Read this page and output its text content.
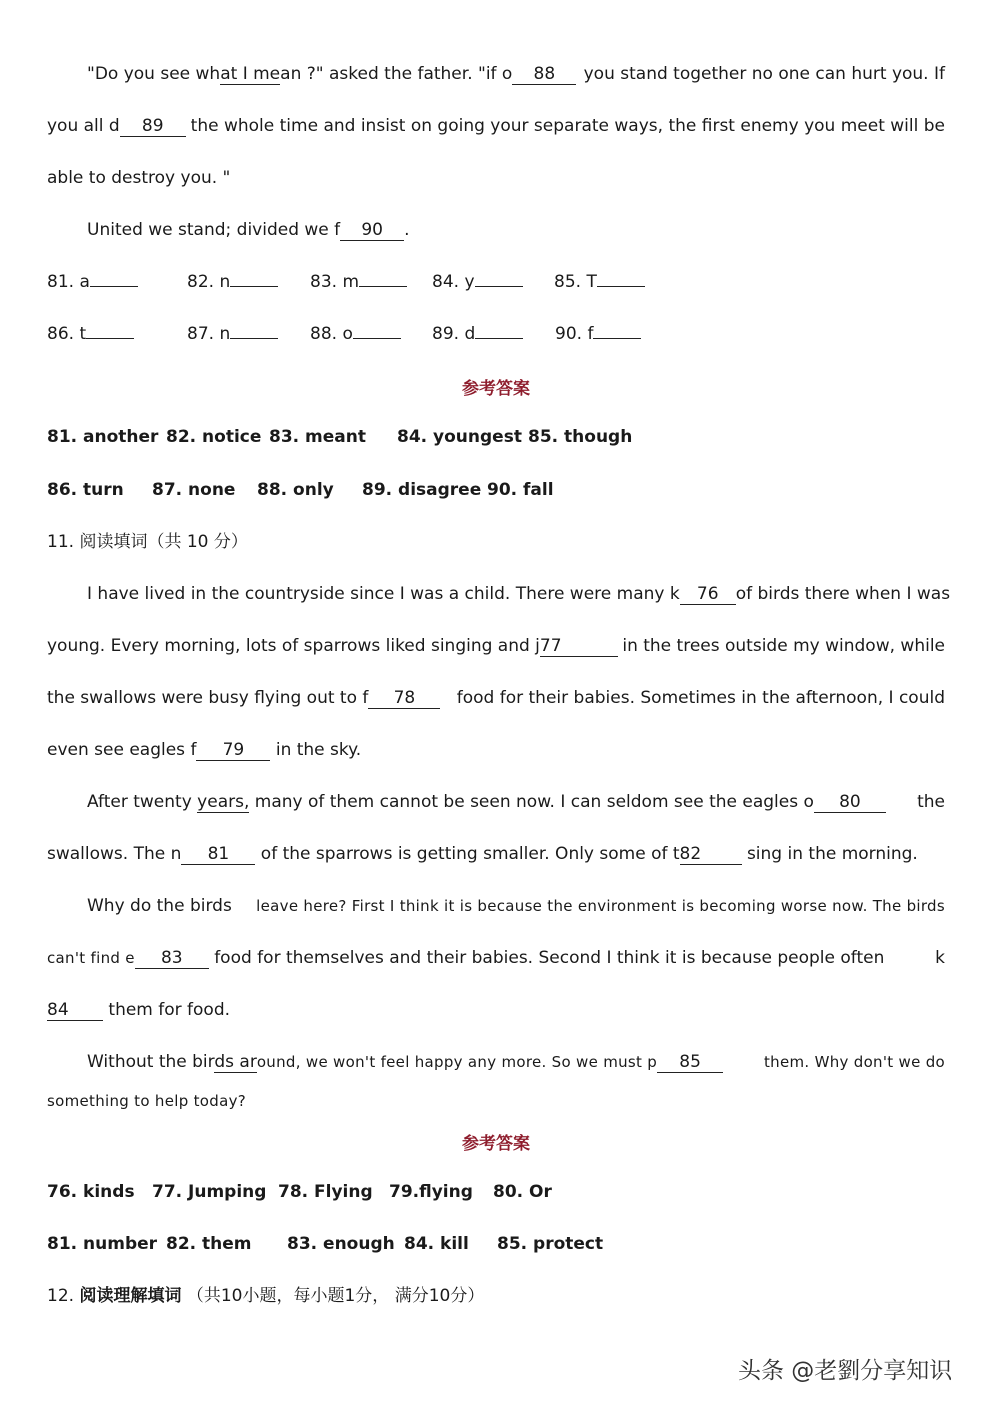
"Do you see what I mean ?" asked the father. "if o 88	you stand together no one can hurt you. If
you all d 89	the whole time and insist on going your separate ways, the first enemy you meet will be
able to destroy you. "
United we stand; divided we f 90 .
81. a	82. n	83. m	84. y	85. T
86. t	87. n	88. o	89. d	90. f
参考答案
81. another 82. notice 83. meant 84. youngest 85. though
86. turn 87. none 88. only 89. disagree 90. fall
11. 阅读填词（共 10 分）
I have lived in the countryside since I was a child. There were many k 76	of birds there when I was
young. Every morning, lots of sparrows liked singing and j77	in the trees outside my window, while
the swallows were busy flying out to f 78	food for their babies. Sometimes in the afternoon, I could
even see eagles f 79 in the sky.
After twenty years, many of them cannot be seen now. I can seldom see the eagles o 80	the
swallows. The n 81 of the sparrows is getting smaller. Only some of t82 sing in the morning.
Why do the birds leave here? First I think it is because the environment is becoming worse now. The birds
can't find e 83 food for themselves and their babies. Second I think it is because people often	k
84 them for food.
Without the birds around, we won't feel happy any more. So we must p 85	them. Why don't we do
something to help today?
参考答案
76. kinds 77. Jumping 78. Flying 79.flying 80. Or
81. number 82. them 83. enough 84. kill 85. protect
12. 阅读理解填词 （共10小题，每小题1分， 满分10分）
头条 @老劉分享知识
